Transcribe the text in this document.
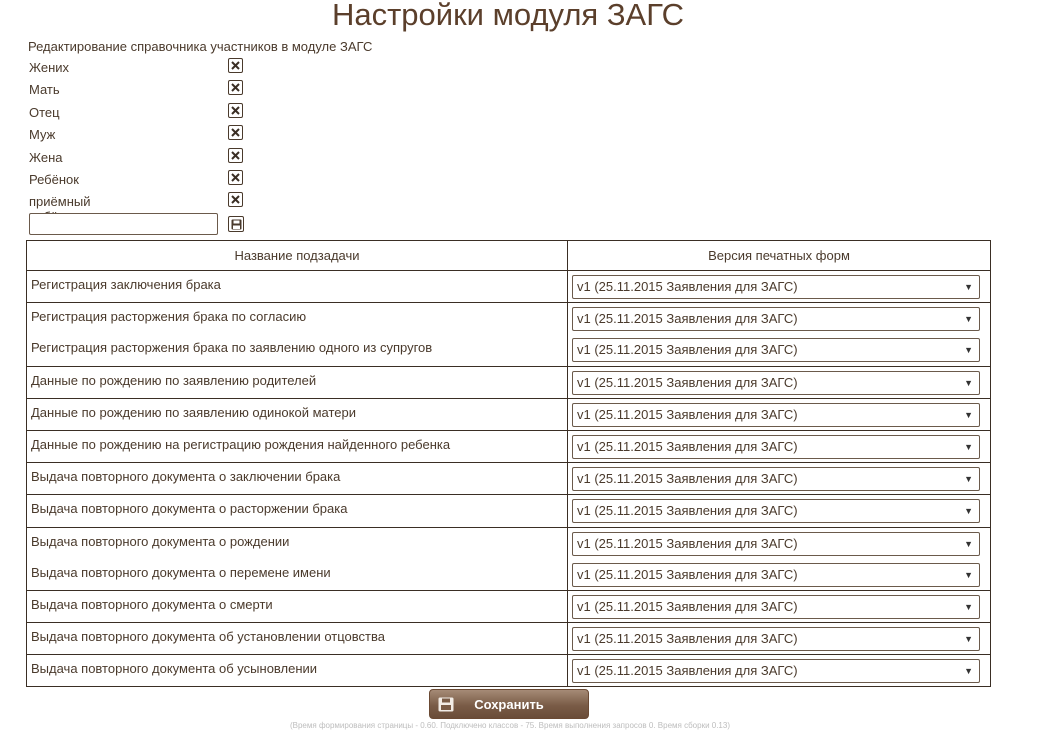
Настройки модуля ЗАГС
Редактирование справочника участников в модуле ЗАГС
Жених
Мать
Отец
Муж
Жена
Ребёнок
приёмный
Название подзадачи	Версия печатных форм
Регистрация заключения брака	v1 (25.11.2015 Заявления для ЗАГС) ▼

Регистрация расторжения брака по согласию	v1 (25.11.2015 Заявления для ЗАГС) ▼

Регистрация расторжения брака по заявлению одного из супругов	v1 (25.11.2015 Заявления для ЗАГС) ▼

Данные по рождению по заявлению родителей	v1 (25.11.2015 Заявления для ЗАГС) ▼

Данные по рождению по заявлению одинокой матери	v1 (25.11.2015 Заявления для ЗАГС) ▼

Данные по рождению на регистрацию рождения найденного ребенка	v1 (25.11.2015 Заявления для ЗАГС) ▼

Выдача повторного документа о заключении брака	v1 (25.11.2015 Заявления для ЗАГС) ▼

Выдача повторного документа о расторжении брака	v1 (25.11.2015 Заявления для ЗАГС) ▼

Выдача повторного документа о рождении	v1 (25.11.2015 Заявления для ЗАГС) ▼

Выдача повторного документа о перемене имени	v1 (25.11.2015 Заявления для ЗАГС) ▼

Выдача повторного документа о смерти	v1 (25.11.2015 Заявления для ЗАГС) ▼

Выдача повторного документа об установлении отцовства	v1 (25.11.2015 Заявления для ЗАГС) ▼

Выдача повторного документа об усыновлении	v1 (25.11.2015 Заявления для ЗАГС) ▼
Сохранить
(Время формирования страницы - 0.60. Подключено классов - 75. Время выполнения запросов 0. Время сборки 0.13)
